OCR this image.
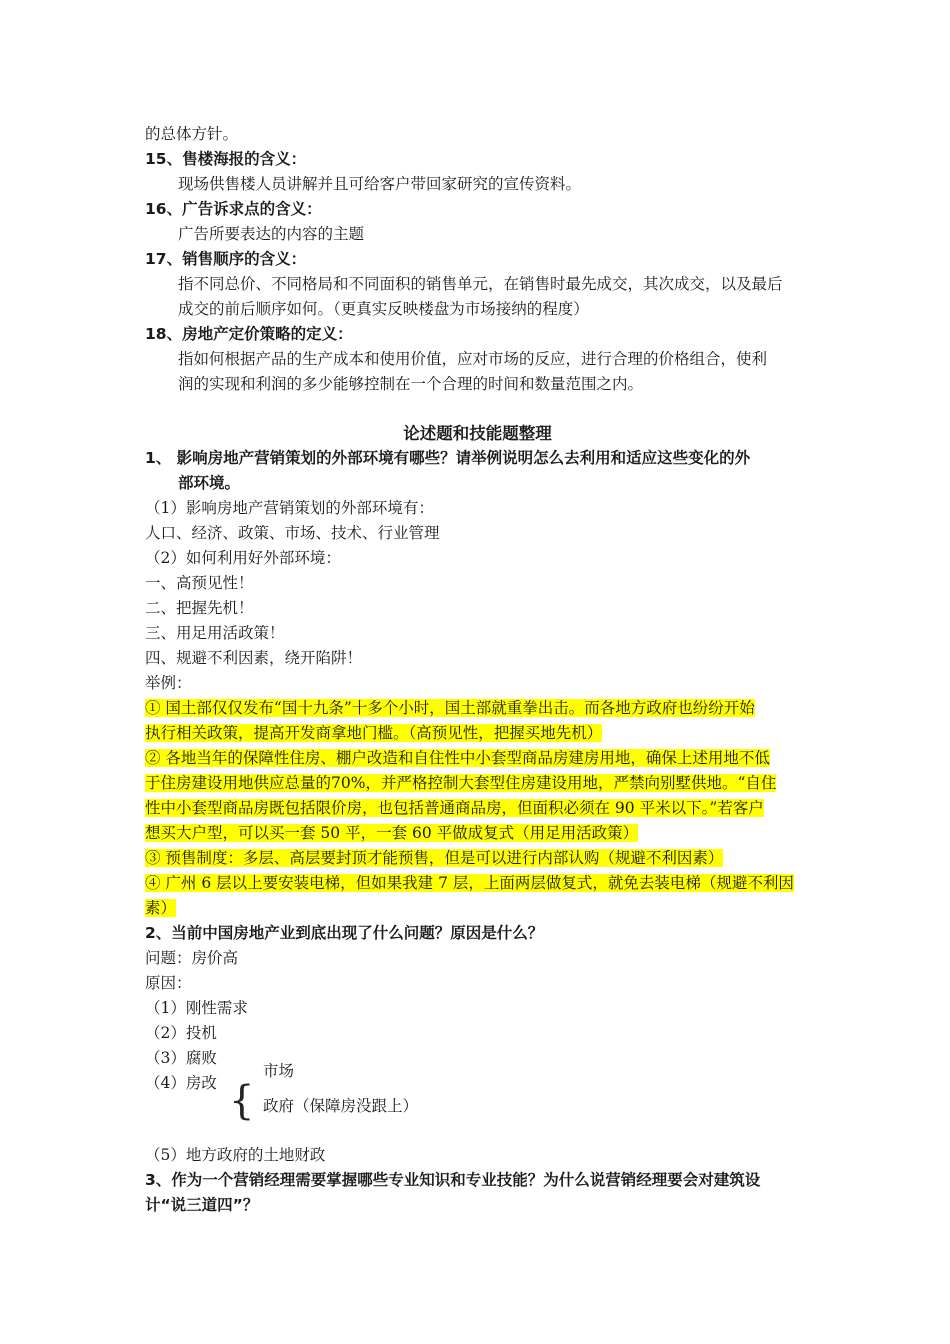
的总体方针。
15、售楼海报的含义：
现场供售楼人员讲解并且可给客户带回家研究的宣传资料。
16、广告诉求点的含义：
广告所要表达的内容的主题
17、销售顺序的含义：
指不同总价、不同格局和不同面积的销售单元，在销售时最先成交，其次成交，以及最后
成交的前后顺序如何。（更真实反映楼盘为市场接纳的程度）
18、房地产定价策略的定义：
指如何根据产品的生产成本和使用价值，应对市场的反应，进行合理的价格组合，使利
润的实现和利润的多少能够控制在一个合理的时间和数量范围之内。
论述题和技能题整理
1、 影响房地产营销策划的外部环境有哪些？请举例说明怎么去利用和适应这些变化的外
部环境。
（1）影响房地产营销策划的外部环境有：
人口、经济、政策、市场、技术、行业管理
（2）如何利用好外部环境：
一、高预见性！
二、把握先机！
三、用足用活政策！
四、规避不利因素，绕开陷阱！
举例：
① 国土部仅仅发布“国十九条”十多个小时，国土部就重拳出击。而各地方政府也纷纷开始
执行相关政策，提高开发商拿地门槛。（高预见性，把握买地先机）
② 各地当年的保障性住房、棚户改造和自住性中小套型商品房建房用地，确保上述用地不低
于住房建设用地供应总量的70%，并严格控制大套型住房建设用地，严禁向别墅供地。“自住
性中小套型商品房既包括限价房，也包括普通商品房，但面积必须在 90 平米以下。”若客户
想买大户型，可以买一套 50 平，一套 60 平做成复式（用足用活政策）
③ 预售制度：多层、高层要封顶才能预售，但是可以进行内部认购（规避不利因素）
④ 广州 6 层以上要安装电梯，但如果我建 7 层，上面两层做复式，就免去装电梯（规避不利因
素）
2、当前中国房地产业到底出现了什么问题？原因是什么？
问题：房价高
原因：
（1）刚性需求
（2）投机
（3）腐败
（4）房改 {
市场
政府（保障房没跟上）
（5）地方政府的土地财政
3、作为一个营销经理需要掌握哪些专业知识和专业技能？为什么说营销经理要会对建筑设
计“说三道四”？
